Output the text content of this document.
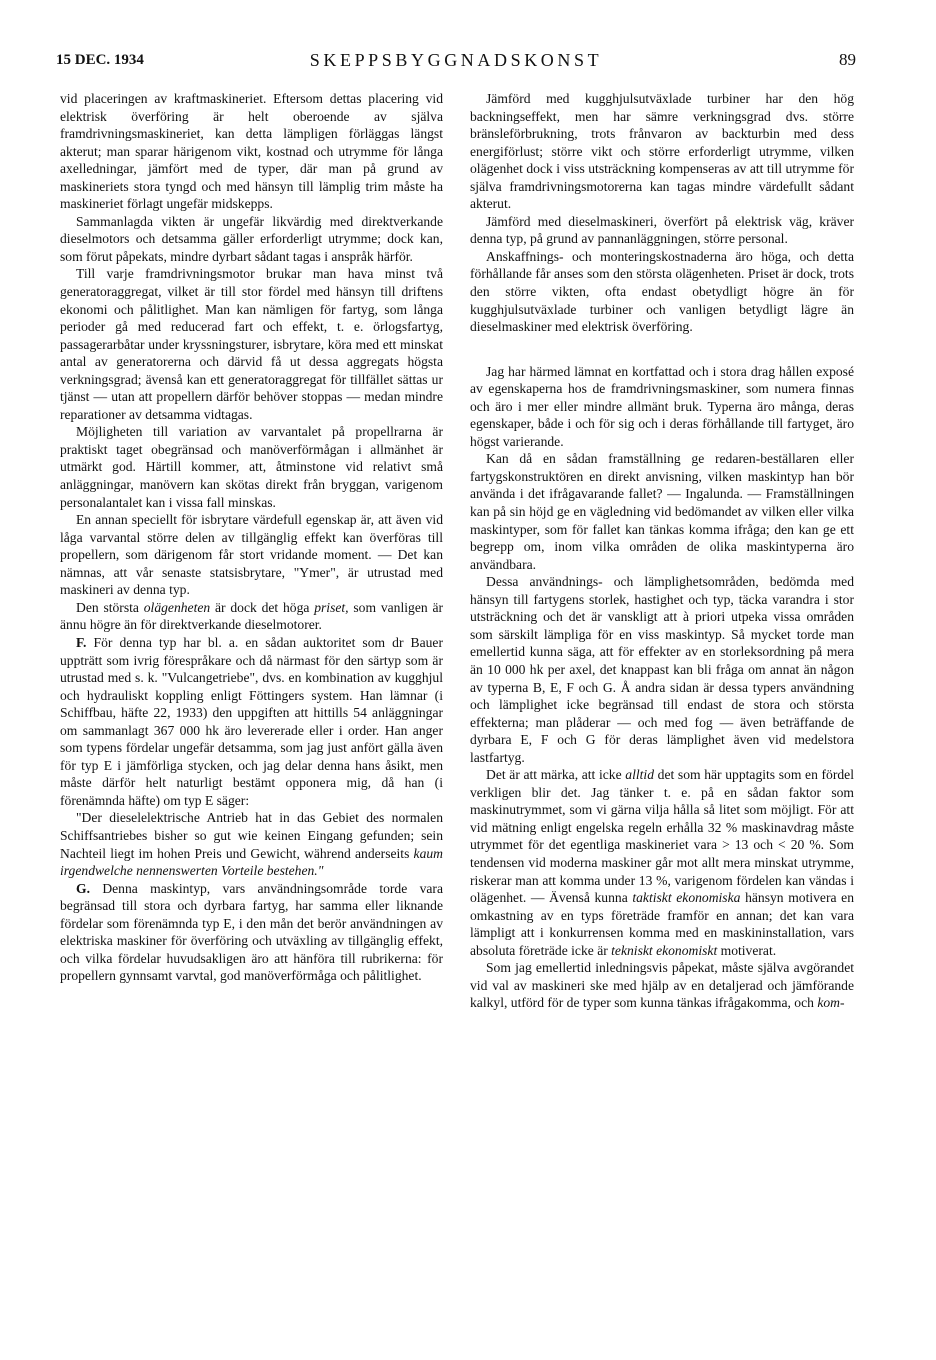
15 DEC. 1934	SKEPPSBYGGNADSKONST	89

vid placeringen av kraftmaskineriet. Eftersom dettas placering vid elektrisk överföring är helt oberoende av själva framdrivningsmaskineriet, kan detta lämpligen förläggas längst akterut; man sparar härigenom vikt, kostnad och utrymme för långa axelledningar, jämfört med de typer, där man på grund av maskineriets stora tyngd och med hänsyn till lämplig trim måste ha maskineriet förlagt ungefär midskepps.

Sammanlagda vikten är ungefär likvärdig med direktverkande dieselmotors och detsamma gäller erforderligt utrymme; dock kan, som förut påpekats, mindre dyrbart sådant tagas i anspråk härför.

Till varje framdrivningsmotor brukar man hava minst två generatoraggregat, vilket är till stor fördel med hänsyn till driftens ekonomi och pålitlighet. Man kan nämligen för fartyg, som långa perioder gå med reducerad fart och effekt, t. e. örlogsfartyg, passagerarbåtar under kryssningsturer, isbrytare, köra med ett minskat antal av generatorerna och därvid få ut dessa aggregats högsta verkningsgrad; ävenså kan ett generatoraggregat för tillfället sättas ur tjänst — utan att propellern därför behöver stoppas — medan mindre reparationer av detsamma vidtagas.

Möjligheten till variation av varvantalet på propellrarna är praktiskt taget obegränsad och manöverförmågan i allmänhet är utmärkt god. Härtill kommer, att, åtminstone vid relativt små anläggningar, manövern kan skötas direkt från bryggan, varigenom personalantalet kan i vissa fall minskas.

En annan speciellt för isbrytare värdefull egenskap är, att även vid låga varvantal större delen av tillgänglig effekt kan överföras till propellern, som därigenom får stort vridande moment. — Det kan nämnas, att vår senaste statsisbrytare, "Ymer", är utrustad med maskineri av denna typ.

Den största olägenheten är dock det höga priset, som vanligen är ännu högre än för direktverkande dieselmotorer.

F. För denna typ har bl. a. en sådan auktoritet som dr Bauer uppträtt som ivrig förespråkare och då närmast för den särtyp som är utrustad med s. k. "Vulcangetriebe", dvs. en kombination av kugghjul och hydrauliskt koppling enligt Föttingers system. Han lämnar (i Schiffbau, häfte 22, 1933) den uppgiften att hittills 54 anläggningar om sammanlagt 367 000 hk äro levererade eller i order. Han anger som typens fördelar ungefär detsamma, som jag just anfört gälla även för typ E i jämförliga stycken, och jag delar denna hans åsikt, men måste därför helt naturligt bestämt opponera mig, då han (i förenämnda häfte) om typ E säger:

"Der dieselelektrische Antrieb hat in das Gebiet des normalen Schiffsantriebes bisher so gut wie keinen Eingang gefunden; sein Nachteil liegt im hohen Preis und Gewicht, während anderseits kaum irgendwelche nennenswerten Vorteile bestehen."

G. Denna maskintyp, vars användningsområde torde vara begränsad till stora och dyrbara fartyg, har samma eller liknande fördelar som förenämnda typ E, i den mån det berör användningen av elektriska maskiner för överföring och utväxling av tillgänglig effekt, och vilka fördelar huvudsakligen äro att hänföra till rubrikerna: för propellern gynnsamt varvtal, god manöverförmåga och pålitlighet.

Jämförd med kugghjulsutväxlade turbiner har den hög backningseffekt, men har sämre verkningsgrad dvs. större bränsleförbrukning, trots frånvaron av backturbin med dess energiförlust; större vikt och större erforderligt utrymme, vilken olägenhet dock i viss utsträckning kompenseras av att till utrymme för själva framdrivningsmotorerna kan tagas mindre värdefullt sådant akterut.

Jämförd med dieselmaskineri, överfört på elektrisk väg, kräver denna typ, på grund av pannanläggningen, större personal.

Anskaffnings- och monteringskostnaderna äro höga, och detta förhållande får anses som den största olägenheten. Priset är dock, trots den större vikten, ofta endast obetydligt högre än för kugghjulsutväxlade turbiner och vanligen betydligt lägre än dieselmaskiner med elektrisk överföring.

Jag har härmed lämnat en kortfattad och i stora drag hållen exposé av egenskaperna hos de framdrivningsmaskiner, som numera finnas och äro i mer eller mindre allmänt bruk. Typerna äro många, deras egenskaper, både i och för sig och i deras förhållande till fartyget, äro högst varierande.

Kan då en sådan framställning ge redaren-beställaren eller fartygskonstruktören en direkt anvisning, vilken maskintyp han bör använda i det ifrågavarande fallet? — Ingalunda. — Framställningen kan på sin höjd ge en vägledning vid bedömandet av vilken eller vilka maskintyper, som för fallet kan tänkas komma ifråga; den kan ge ett begrepp om, inom vilka områden de olika maskintyperna äro användbara.

Dessa användnings- och lämplighetsområden, bedömda med hänsyn till fartygens storlek, hastighet och typ, täcka varandra i stor utsträckning och det är vanskligt att à priori utpeka vissa områden som särskilt lämpliga för en viss maskintyp. Så mycket torde man emellertid kunna säga, att för effekter av en storleksordning på mera än 10 000 hk per axel, det knappast kan bli fråga om annat än någon av typerna B, E, F och G. Å andra sidan är dessa typers användning och lämplighet icke begränsad till endast de stora och största effekterna; man plåderar — och med fog — även beträffande de dyrbara E, F och G för deras lämplighet även vid medelstora lastfartyg.

Det är att märka, att icke alltid det som här upptagits som en fördel verkligen blir det. Jag tänker t. e. på en sådan faktor som maskinutrymmet, som vi gärna vilja hålla så litet som möjligt. För att vid mätning enligt engelska regeln erhålla 32 % maskinavdrag måste utrymmet för det egentliga maskineriet vara > 13 och < 20 %. Som tendensen vid moderna maskiner går mot allt mera minskat utrymme, riskerar man att komma under 13 %, varigenom fördelen kan vändas i olägenhet. — Ävenså kunna taktiskt ekonomiska hänsyn motivera en omkastning av en typs företräde framför en annan; det kan vara lämpligt att i konkurrensen komma med en maskininstallation, vars absoluta företräde icke är tekniskt ekonomiskt motiverat.

Som jag emellertid inledningsvis påpekat, måste själva avgörandet vid val av maskineri ske med hjälp av en detaljerad och jämförande kalkyl, utförd för de typer som kunna tänkas ifrågakomma, och kom-
